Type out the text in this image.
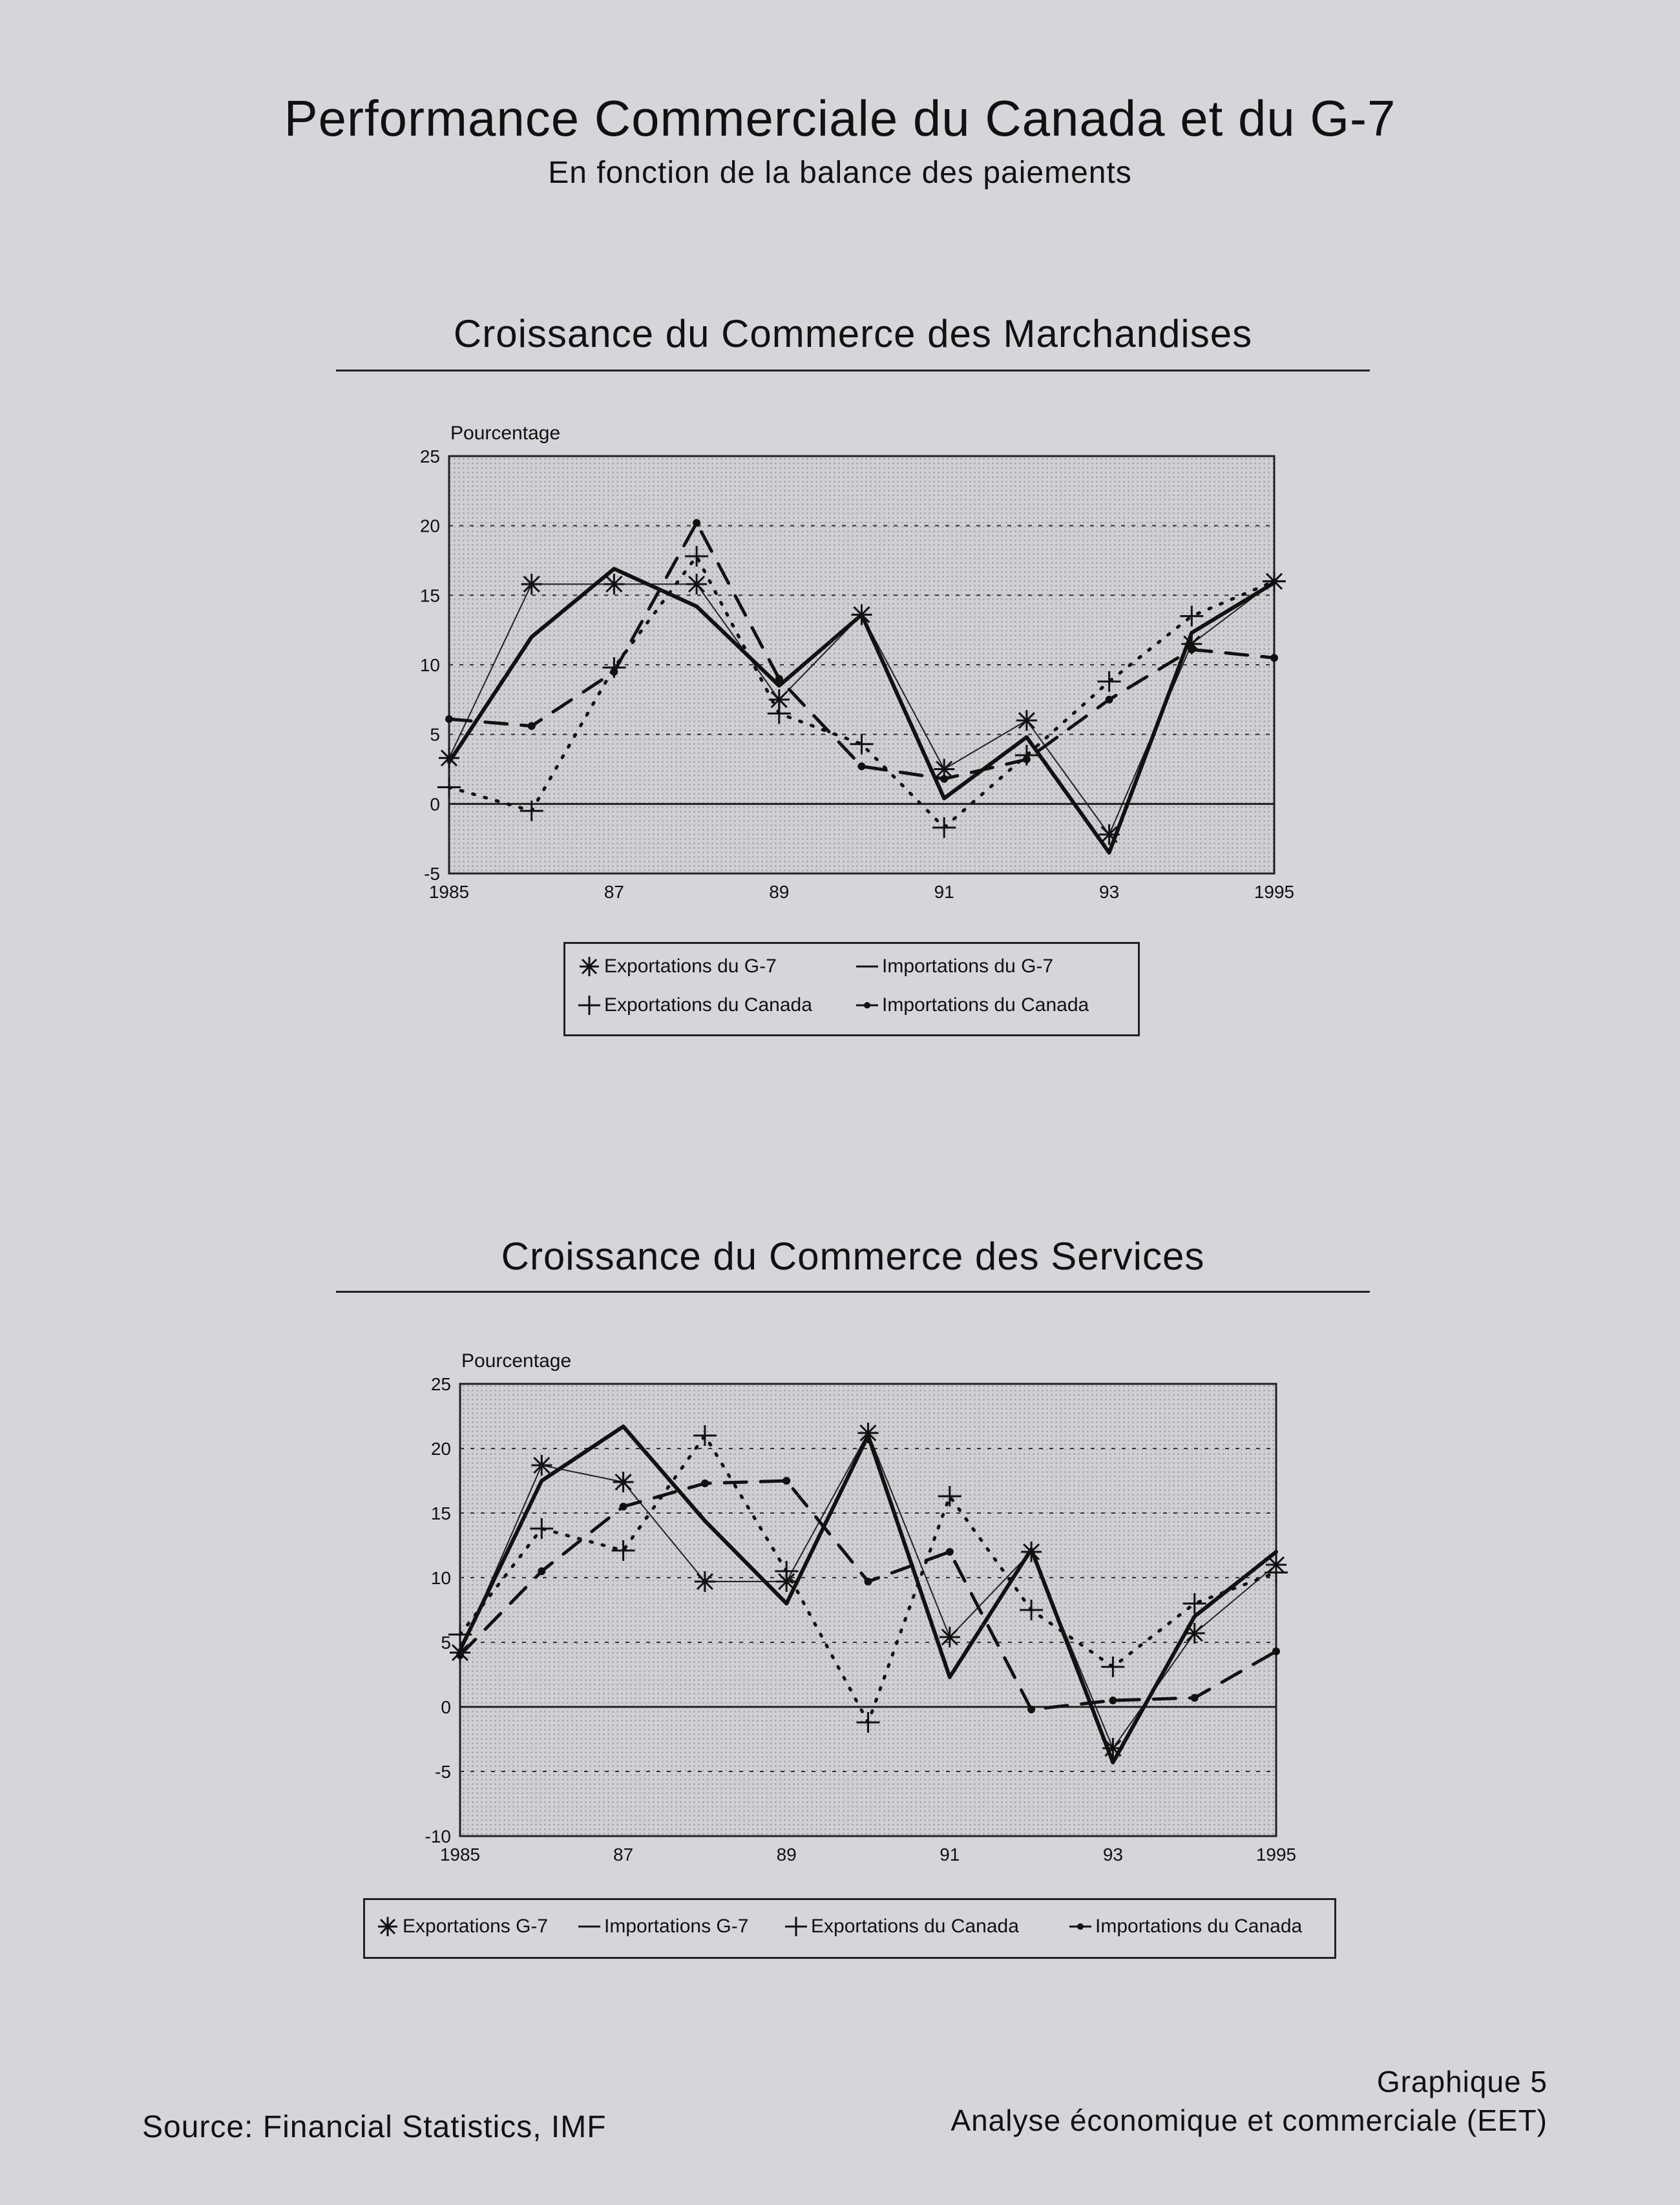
Performance Commerciale du Canada et du G-7
En fonction de la balance des paiements
Croissance du Commerce des Marchandises
-5
0
5
10
15
20
25
Pourcentage
1985	87	89	91	93	1995
Exportations du G-7	Importations du G-7
Exportations du Canada	Importations du Canada
Croissance du Commerce des Services
-10
-5
0
5
10
15
20
25
Pourcentage
1985	87	89	91	93	1995
Exportations G-7	Importations G-7	Exportations du Canada	Importations du Canada
Source: Financial Statistics, IMF
Graphique 5
Analyse économique et commerciale (EET)
